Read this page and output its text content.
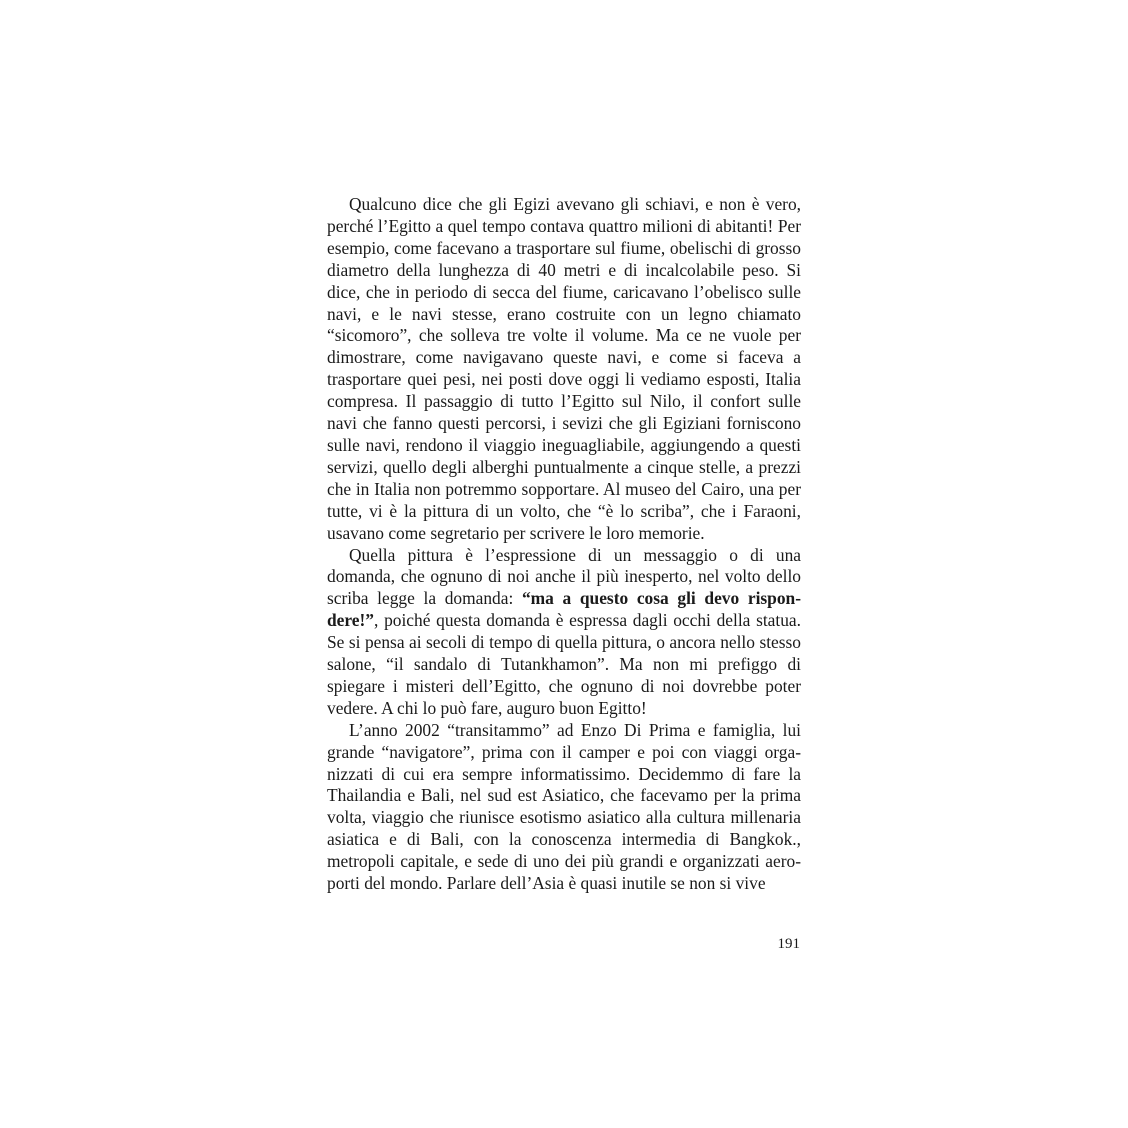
Qualcuno dice che gli Egizi avevano gli schiavi, e non è vero, perché l’Egitto a quel tempo contava quattro milioni di abitanti! Per esempio, come facevano a trasportare sul fiume, obelischi di grosso diametro della lunghezza di 40 metri e di incalcolabile peso. Si dice, che in periodo di secca del fiume, caricavano l’obelisco sulle navi, e le navi stesse, erano costruite con un legno chiamato “sicomoro”, che solleva tre volte il volume. Ma ce ne vuole per dimostrare, come navigavano queste navi, e come si faceva a trasportare quei pesi, nei posti dove oggi li vediamo esposti, Italia compresa. Il passaggio di tutto l’Egitto sul Nilo, il confort sulle navi che fanno questi percorsi, i sevizi che gli Egiziani forniscono sulle navi, rendono il viaggio ineguagliabile, aggiungendo a questi servizi, quello degli alberghi puntualmente a cinque stelle, a prezzi che in Italia non potremmo sopportare. Al museo del Cairo, una per tutte, vi è la pittura di un volto, che “è lo scriba”, che i Faraoni, usavano come segretario per scrivere le loro memorie.

Quella pittura è l’espressione di un messaggio o di una domanda, che ognuno di noi anche il più inesperto, nel volto dello scriba legge la domanda: “ma a questo cosa gli devo rispondere!”, poiché questa domanda è espressa dagli occhi della statua. Se si pensa ai secoli di tempo di quella pittura, o ancora nello stesso salone, “il sandalo di Tutankhamon”. Ma non mi prefiggo di spiegare i misteri dell’Egitto, che ognuno di noi dovrebbe poter vedere. A chi lo può fare, auguro buon Egitto!

L’anno 2002 “transitammo” ad Enzo Di Prima e famiglia, lui grande “navigatore”, prima con il camper e poi con viaggi organizzati di cui era sempre informatissimo. Decidemmo di fare la Thailandia e Bali, nel sud est Asiatico, che facevamo per la prima volta, viaggio che riunisce esotismo asiatico alla cultura millenaria asiatica e di Bali, con la conoscenza intermedia di Bangkok., metropoli capitale, e sede di uno dei più grandi e organizzati aeroporti del mondo. Parlare dell’Asia è quasi inutile se non si vive

191
